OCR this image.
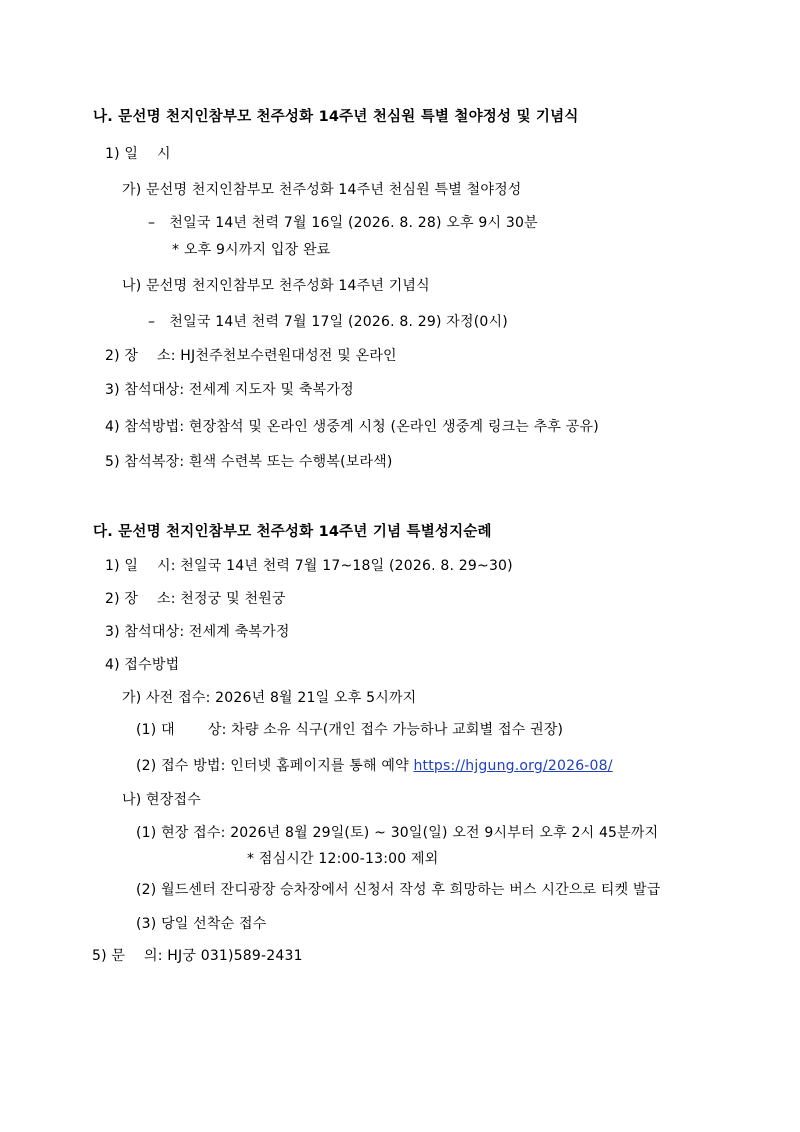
나. 문선명 천지인참부모 천주성화 14주년 천심원 특별 철야정성 및 기념식
1) 일 　시
가) 문선명 천지인참부모 천주성화 14주년 천심원 특별 철야정성
–　천일국 14년 천력 7월 16일 (2026. 8. 28) 오후 9시 30분
* 오후 9시까지 입장 완료
나) 문선명 천지인참부모 천주성화 14주년 기념식
–　천일국 14년 천력 7월 17일 (2026. 8. 29) 자정(0시)
2) 장 　소: HJ천주천보수련원대성전 및 온라인
3) 참석대상: 전세계 지도자 및 축복가정
4) 참석방법: 현장참석 및 온라인 생중계 시청 (온라인 생중계 링크는 추후 공유)
5) 참석복장: 흰색 수련복 또는 수행복(보라색)
다. 문선명 천지인참부모 천주성화 14주년 기념 특별성지순례
1) 일 　시: 천일국 14년 천력 7월 17~18일 (2026. 8. 29~30)
2) 장 　소: 천정궁 및 천원궁
3) 참석대상: 전세계 축복가정
4) 접수방법
가) 사전 접수: 2026년 8월 21일 오후 5시까지
(1) 대 　　상: 차량 소유 식구(개인 접수 가능하나 교회별 접수 권장)
(2) 접수 방법: 인터넷 홈페이지를 통해 예약 https://hjgung.org/2026-08/
나) 현장접수
(1) 현장 접수: 2026년 8월 29일(토) ~ 30일(일) 오전 9시부터 오후 2시 45분까지
* 점심시간 12:00-13:00 제외
(2) 월드센터 잔디광장 승차장에서 신청서 작성 후 희망하는 버스 시간으로 티켓 발급
(3) 당일 선착순 접수
5) 문 　의: HJ궁 031)589-2431
